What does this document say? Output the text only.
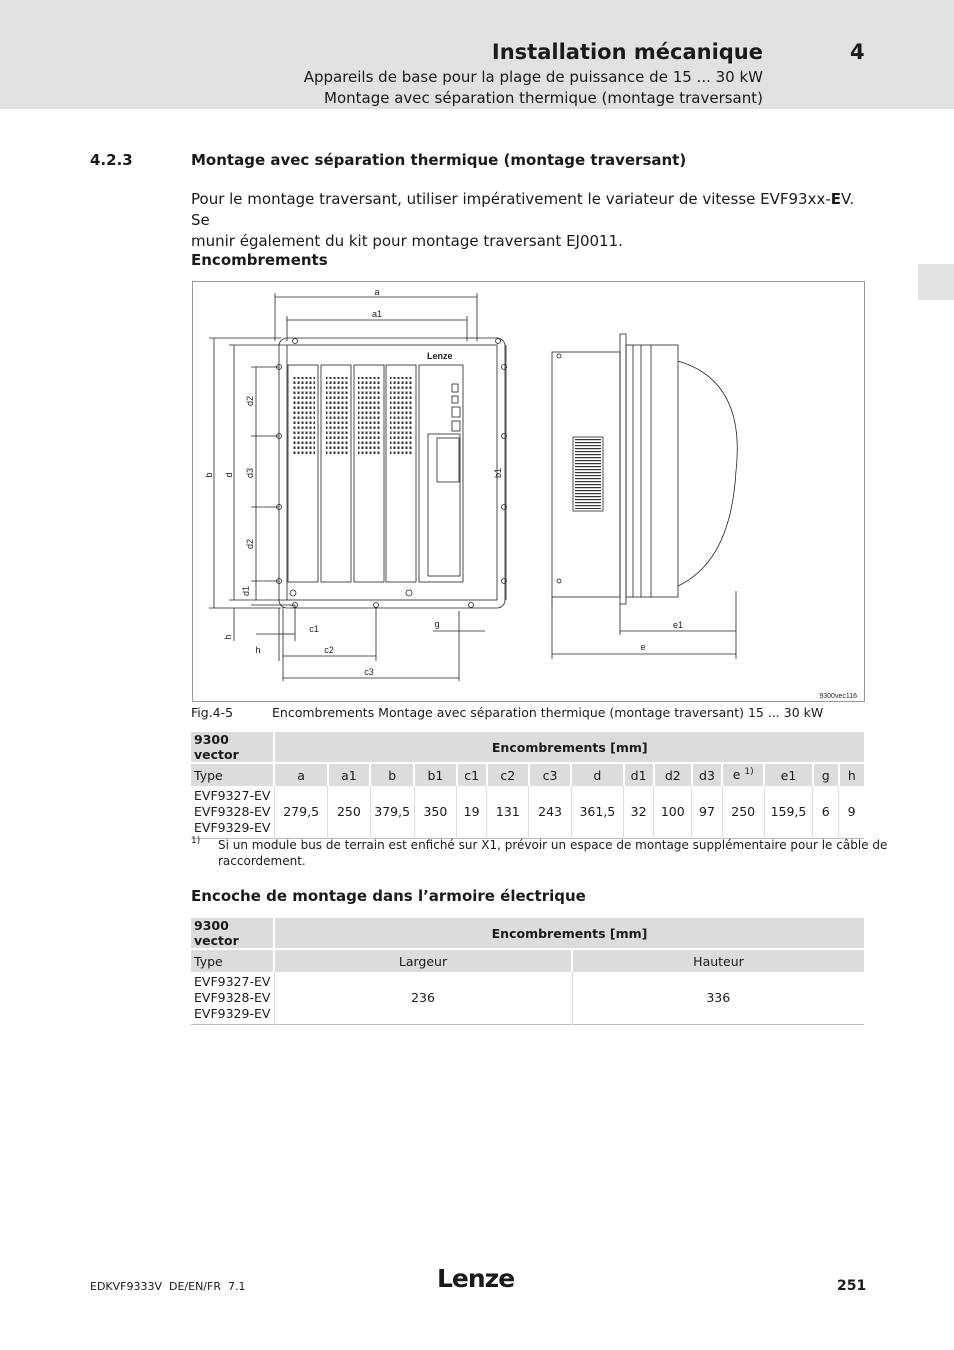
Installation mécanique	4
Appareils de base pour la plage de puissance de 15 ... 30 kW
Montage avec séparation thermique (montage traversant)
4.2.3	Montage avec séparation thermique (montage traversant)
Pour le montage traversant, utiliser impérativement le variateur de vitesse EVF93xx-EV. Se
munir également du kit pour montage traversant EJ0011.
Encombrements
Lenze
a
a1
b d
d2
d3
d2
d1
b1
h
c1	g
h	c2
c3
e1
e
9300vec116
Fig.4-5	Encombrements Montage avec séparation thermique (montage traversant) 15 ... 30 kW
9300 vector	Encombrements [mm]														
Type	a	a1	b	b1	c1	c2	c3	d	d1	d2	d3	e $^{1)}$	e1	g	h

EVF9327-EV
EVF9328-EV
EVF9329-EV	279,5	250	379,5	350	19	131	243	361,5	32	100	97	250	159,5	6	9
1) Si un module bus de terrain est enfiché sur X1, prévoir un espace de montage supplémentaire pour le câble de
raccordement.
Encoche de montage dans l’armoire électrique
9300 vector	Encombrements [mm]	
Type	Largeur	Hauteur

EVF9327-EV
EVF9328-EV
EVF9329-EV	236	336
EDKVF9333V  DE/EN/FR  7.1	Lenze	251
